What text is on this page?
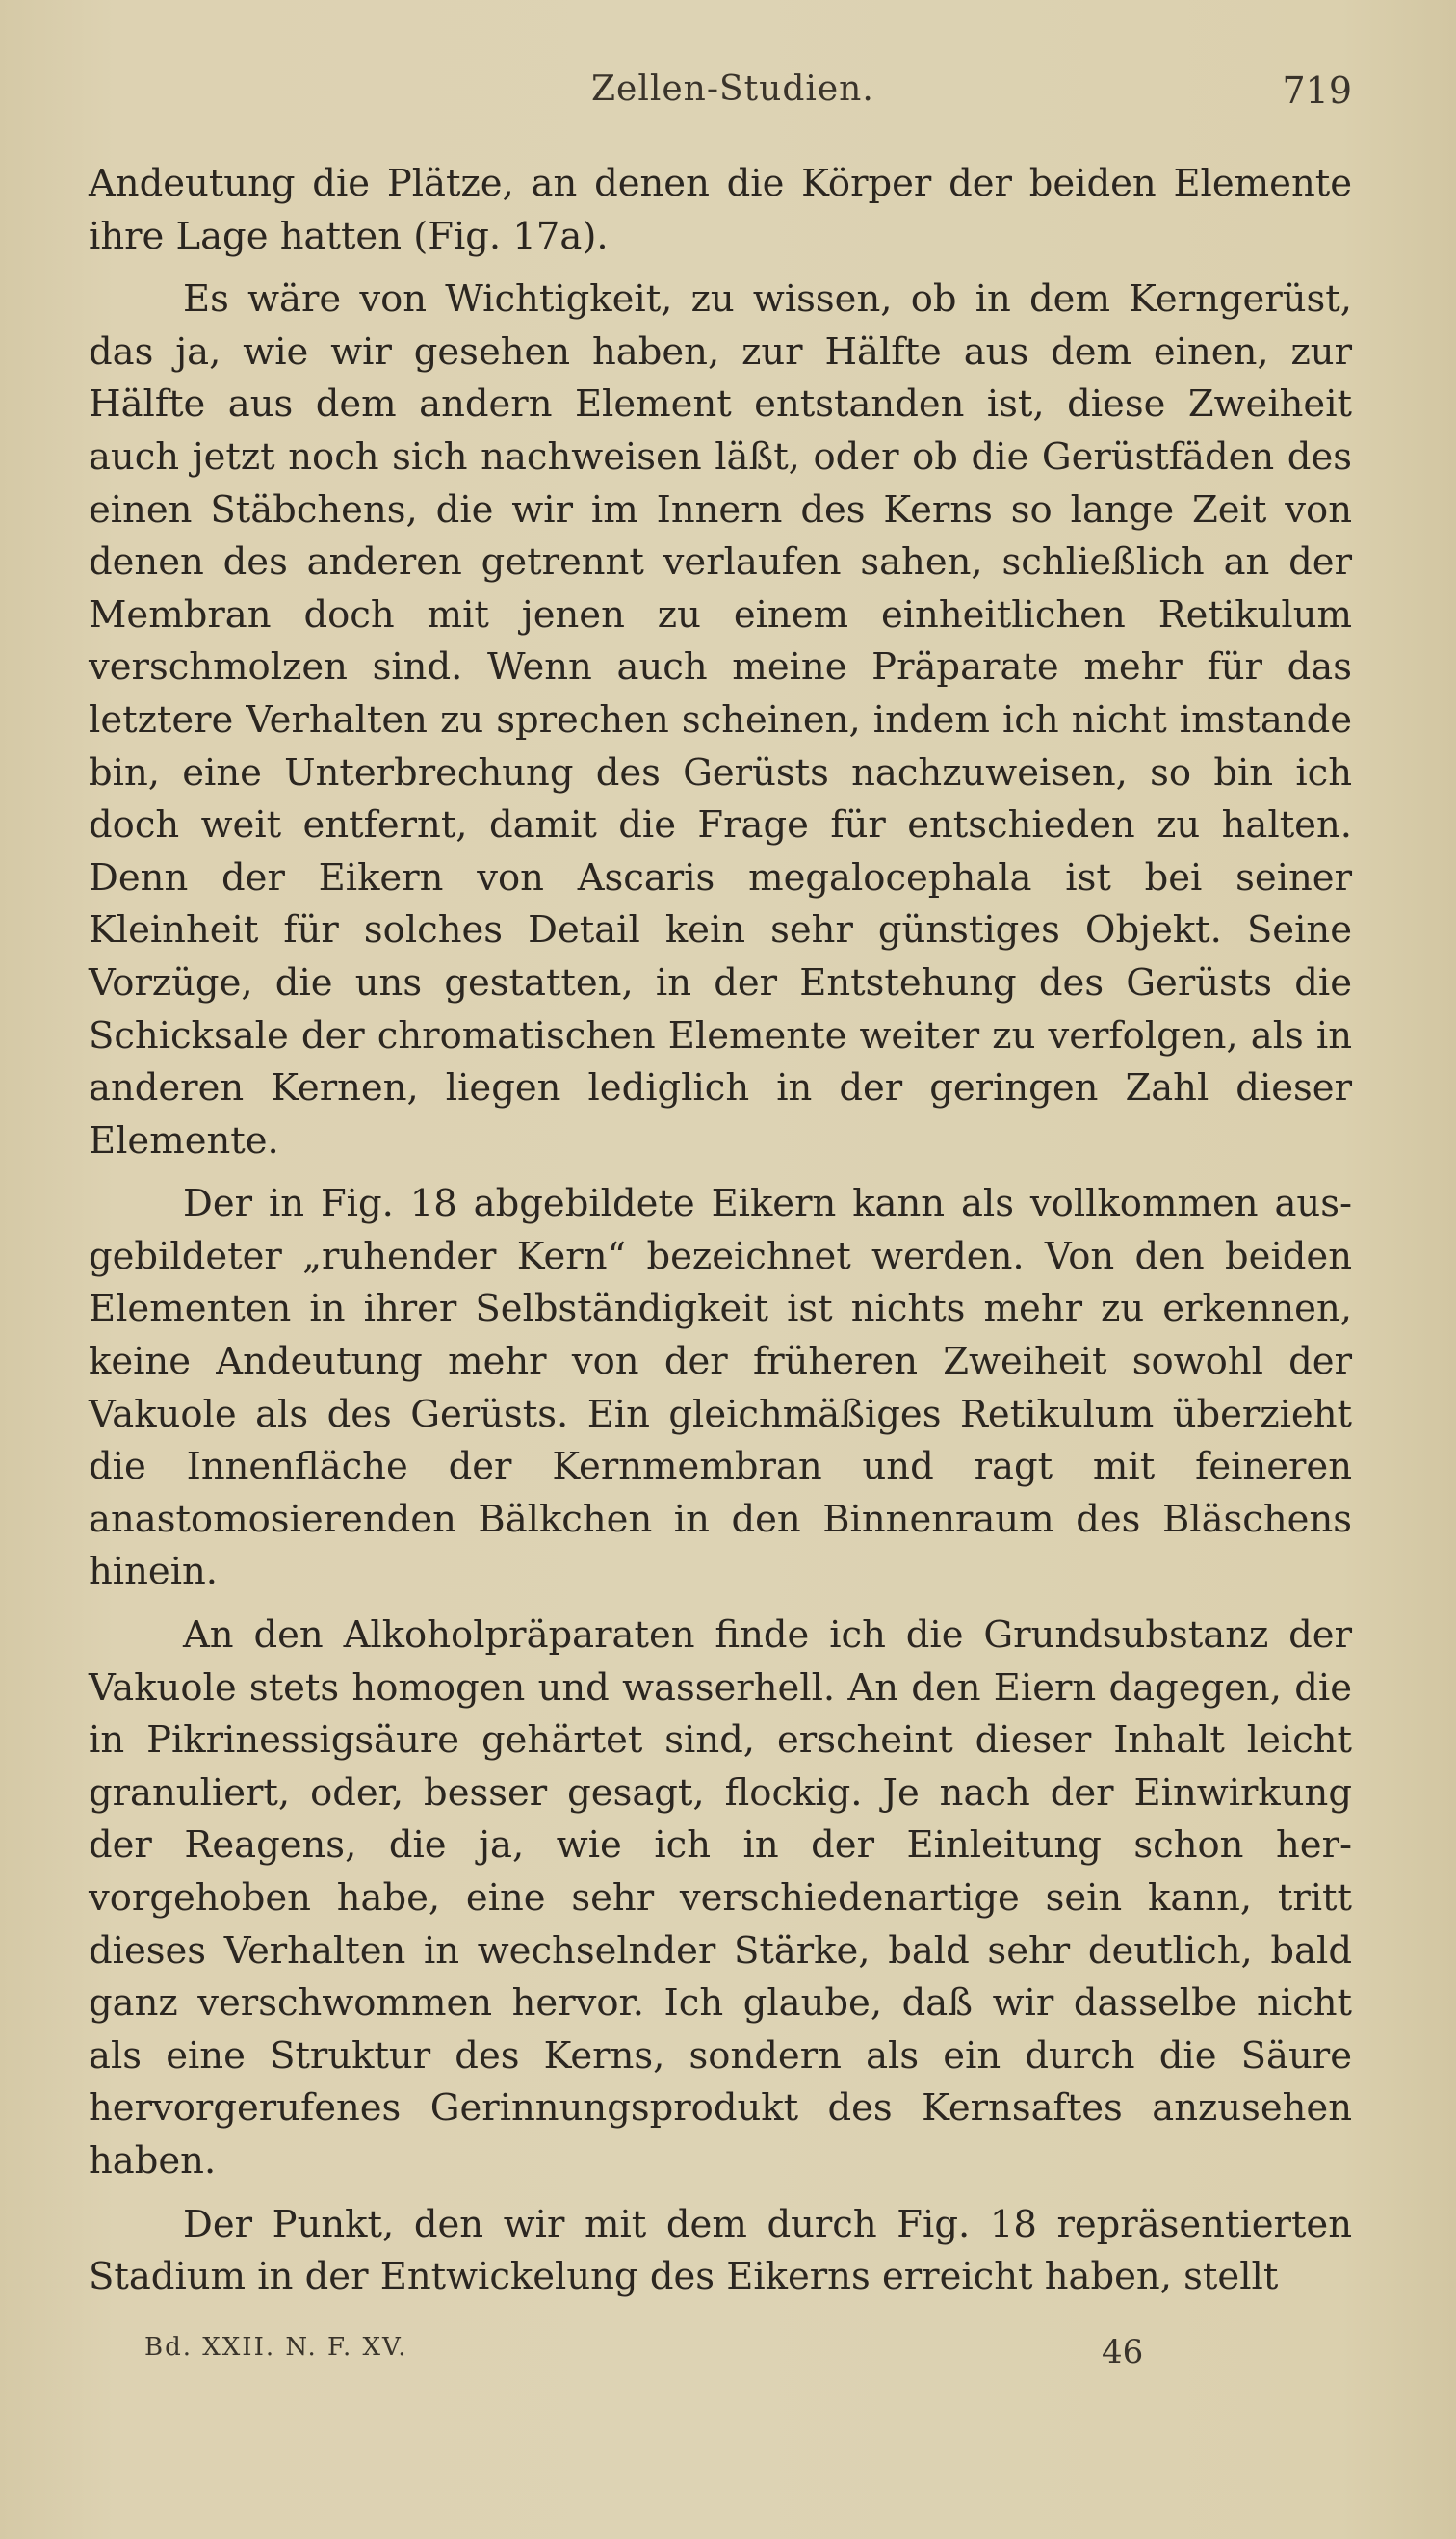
Zellen-Studien.	719

Andeutung die Plätze, an denen die Körper der beiden Elemente ihre Lage hatten (Fig. 17a).

Es wäre von Wichtigkeit, zu wissen, ob in dem Kerngerüst, das ja, wie wir gesehen haben, zur Hälfte aus dem einen, zur Hälfte aus dem andern Element entstanden ist, diese Zweiheit auch jetzt noch sich nachweisen läßt, oder ob die Gerüstfäden des einen Stäbchens, die wir im Innern des Kerns so lange Zeit von denen des anderen getrennt verlaufen sahen, schließlich an der Membran doch mit jenen zu einem einheitlichen Retikulum verschmolzen sind. Wenn auch meine Präparate mehr für das letztere Verhalten zu sprechen scheinen, indem ich nicht imstande bin, eine Unterbrechung des Gerüsts nachzuweisen, so bin ich doch weit entfernt, damit die Frage für entschieden zu halten. Denn der Eikern von Ascaris megalocephala ist bei seiner Kleinheit für solches Detail kein sehr günstiges Objekt. Seine Vorzüge, die uns gestatten, in der Entstehung des Gerüsts die Schicksale der chromatischen Elemente weiter zu verfolgen, als in anderen Kernen, liegen lediglich in der geringen Zahl dieser Elemente.

Der in Fig. 18 abgebildete Eikern kann als vollkommen ausgebildeter „ruhender Kern“ bezeichnet werden. Von den beiden Elementen in ihrer Selbständigkeit ist nichts mehr zu erkennen, keine Andeutung mehr von der früheren Zweiheit sowohl der Vakuole als des Gerüsts. Ein gleichmäßiges Retikulum überzieht die Innenfläche der Kernmembran und ragt mit feineren anastomosierenden Bälkchen in den Binnenraum des Bläschens hinein.

An den Alkoholpräparaten finde ich die Grundsubstanz der Vakuole stets homogen und wasserhell. An den Eiern dagegen, die in Pikrinessigsäure gehärtet sind, erscheint dieser Inhalt leicht granuliert, oder, besser gesagt, flockig. Je nach der Einwirkung der Reagens, die ja, wie ich in der Einleitung schon hervorgehoben habe, eine sehr verschiedenartige sein kann, tritt dieses Verhalten in wechselnder Stärke, bald sehr deutlich, bald ganz verschwommen hervor. Ich glaube, daß wir dasselbe nicht als eine Struktur des Kerns, sondern als ein durch die Säure hervorgerufenes Gerinnungsprodukt des Kernsaftes anzusehen haben.

Der Punkt, den wir mit dem durch Fig. 18 repräsentierten Stadium in der Entwickelung des Eikerns erreicht haben, stellt

Bd. XXII. N. F. XV.	46
